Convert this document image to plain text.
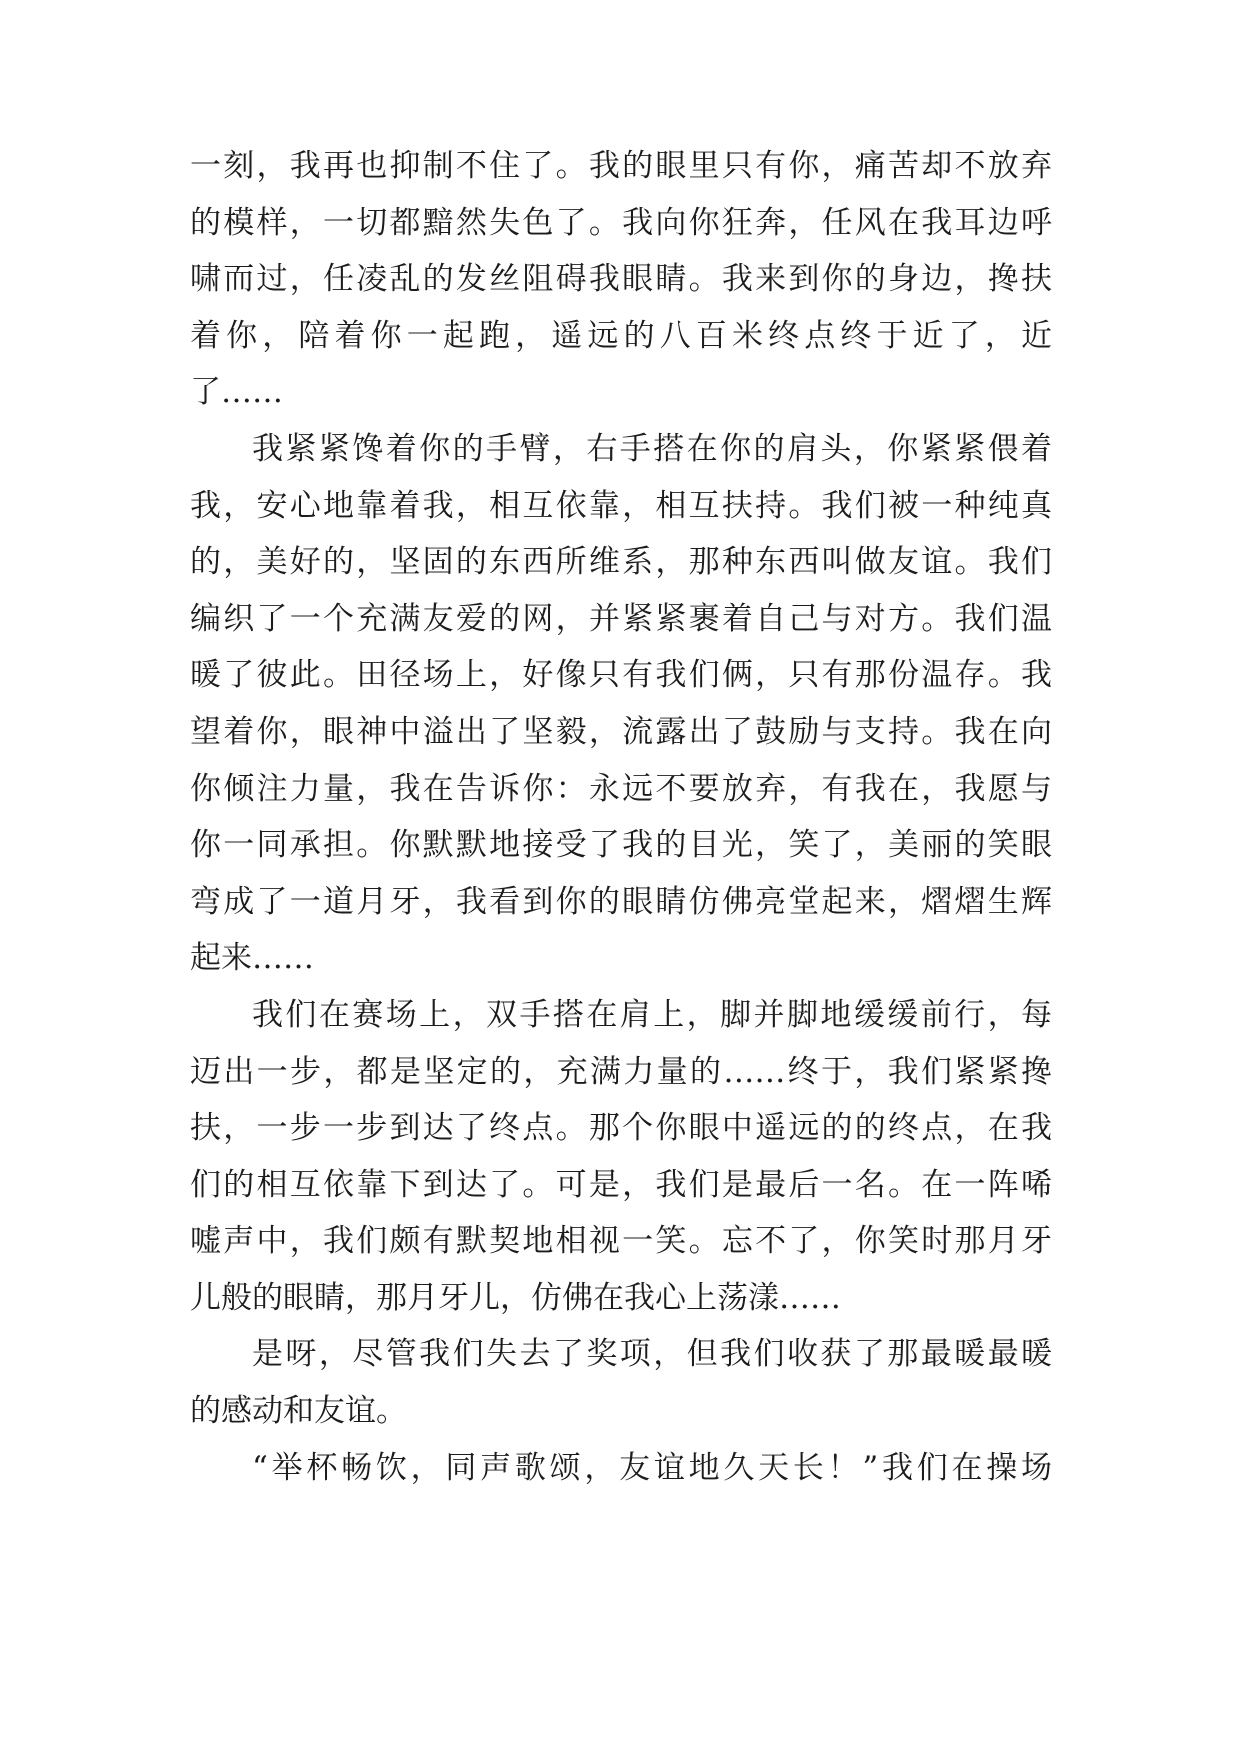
一刻，我再也抑制不住了。我的眼里只有你，痛苦却不放弃
的模样，一切都黯然失色了。我向你狂奔，任风在我耳边呼
啸而过，任凌乱的发丝阻碍我眼睛。我来到你的身边，搀扶
着你，陪着你一起跑，遥远的八百米终点终于近了，近
了……
我紧紧馋着你的手臂，右手搭在你的肩头，你紧紧偎着
我，安心地靠着我，相互依靠，相互扶持。我们被一种纯真
的，美好的，坚固的东西所维系，那种东西叫做友谊。我们
编织了一个充满友爱的网，并紧紧裹着自己与对方。我们温
暖了彼此。田径场上，好像只有我们俩，只有那份温存。我
望着你，眼神中溢出了坚毅，流露出了鼓励与支持。我在向
你倾注力量，我在告诉你：永远不要放弃，有我在，我愿与
你一同承担。你默默地接受了我的目光，笑了，美丽的笑眼
弯成了一道月牙，我看到你的眼睛仿佛亮堂起来，熠熠生辉
起来……
我们在赛场上，双手搭在肩上，脚并脚地缓缓前行，每
迈出一步，都是坚定的，充满力量的……终于，我们紧紧搀
扶，一步一步到达了终点。那个你眼中遥远的的终点，在我
们的相互依靠下到达了。可是，我们是最后一名。在一阵唏
嘘声中，我们颇有默契地相视一笑。忘不了，你笑时那月牙
儿般的眼睛，那月牙儿，仿佛在我心上荡漾……
是呀，尽管我们失去了奖项，但我们收获了那最暖最暖
的感动和友谊。
“举杯畅饮，同声歌颂，友谊地久天长！”我们在操场
